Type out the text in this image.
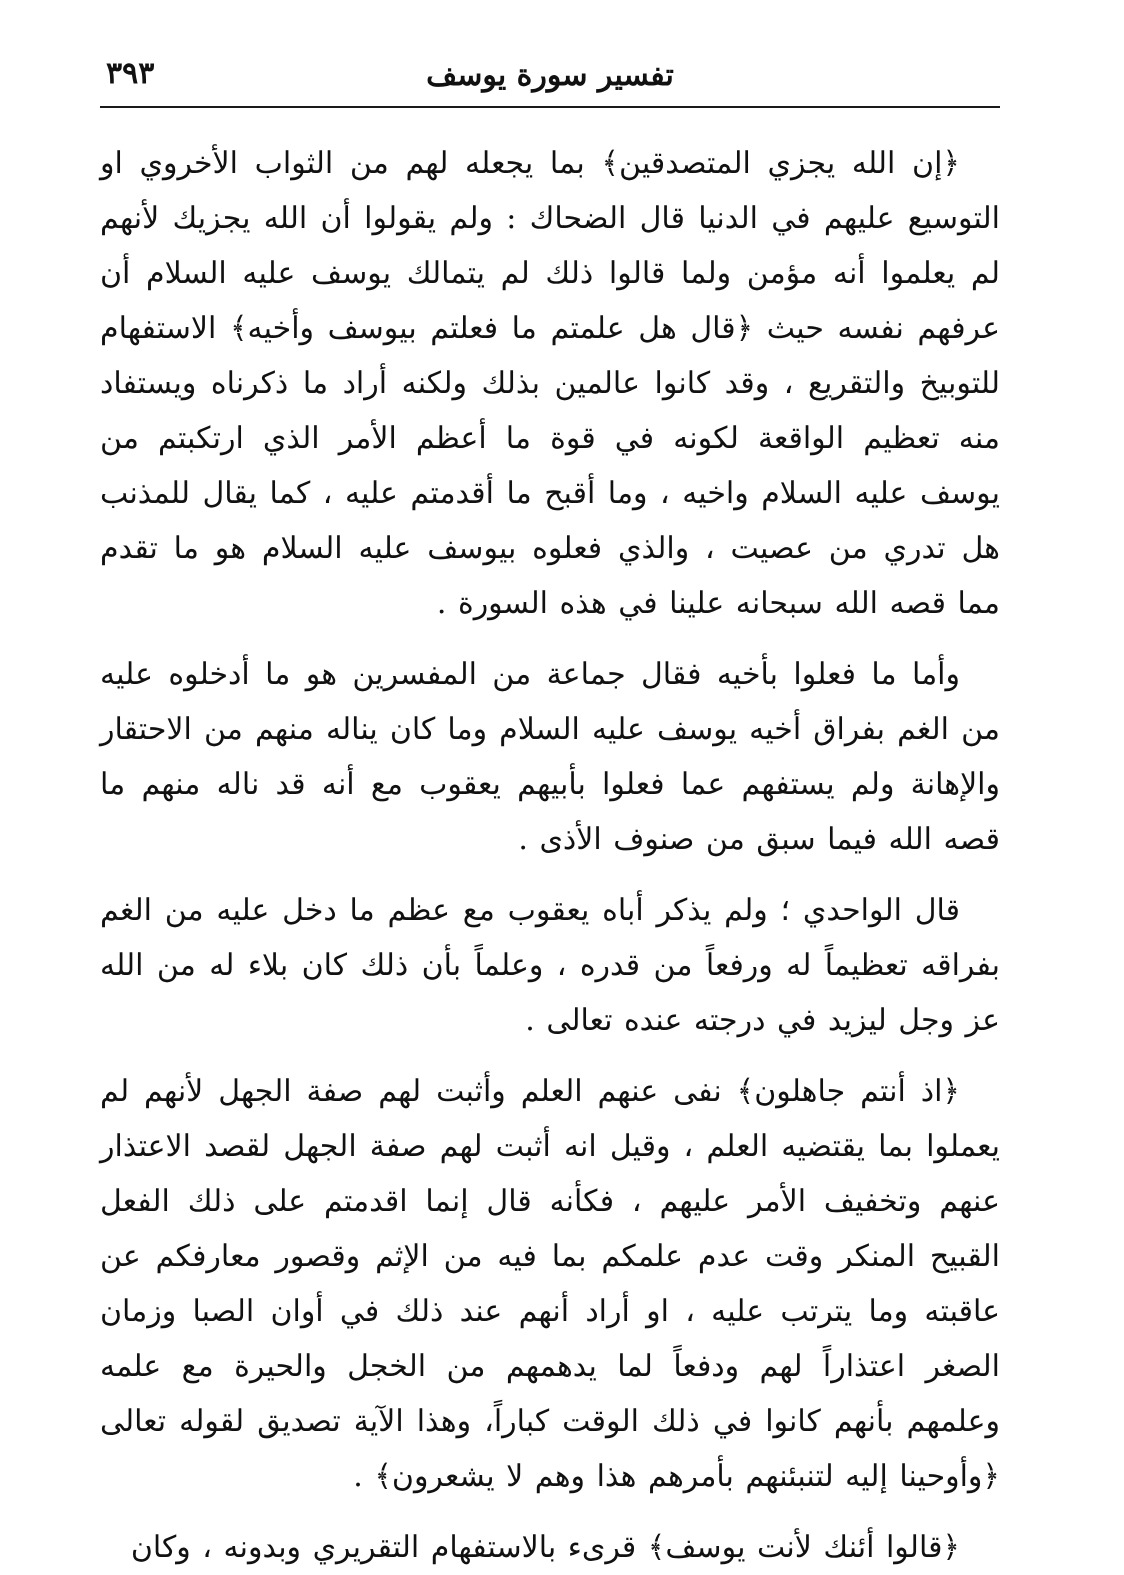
تفسير سورة يوسف
٣٩٣

﴿إن الله يجزي المتصدقين﴾ بما يجعله لهم من الثواب الأخروي او التوسيع عليهم في الدنيا قال الضحاك : ولم يقولوا أن الله يجزيك لأنهم لم يعلموا أنه مؤمن ولما قالوا ذلك لم يتمالك يوسف عليه السلام أن عرفهم نفسه حيث ﴿قال هل علمتم ما فعلتم بيوسف وأخيه﴾ الاستفهام للتوبيخ والتقريع ، وقد كانوا عالمين بذلك ولكنه أراد ما ذكرناه ويستفاد منه تعظيم الواقعة لكونه في قوة ما أعظم الأمر الذي ارتكبتم من يوسف عليه السلام واخيه ، وما أقبح ما أقدمتم عليه ، كما يقال للمذنب هل تدري من عصيت ، والذي فعلوه بيوسف عليه السلام هو ما تقدم مما قصه الله سبحانه علينا في هذه السورة .

وأما ما فعلوا بأخيه فقال جماعة من المفسرين هو ما أدخلوه عليه من الغم بفراق أخيه يوسف عليه السلام وما كان يناله منهم من الاحتقار والإهانة ولم يستفهم عما فعلوا بأبيهم يعقوب مع أنه قد ناله منهم ما قصه الله فيما سبق من صنوف الأذى .

قال الواحدي ؛ ولم يذكر أباه يعقوب مع عظم ما دخل عليه من الغم بفراقه تعظيماً له ورفعاً من قدره ، وعلماً بأن ذلك كان بلاء له من الله عز وجل ليزيد في درجته عنده تعالى .

﴿اذ أنتم جاهلون﴾ نفى عنهم العلم وأثبت لهم صفة الجهل لأنهم لم يعملوا بما يقتضيه العلم ، وقيل انه أثبت لهم صفة الجهل لقصد الاعتذار عنهم وتخفيف الأمر عليهم ، فكأنه قال إنما اقدمتم على ذلك الفعل القبيح المنكر وقت عدم علمكم بما فيه من الإثم وقصور معارفكم عن عاقبته وما يترتب عليه ، او أراد أنهم عند ذلك في أوان الصبا وزمان الصغر اعتذاراً لهم ودفعاً لما يدهمهم من الخجل والحيرة مع علمه وعلمهم بأنهم كانوا في ذلك الوقت كباراً، وهذا الآية تصديق لقوله تعالى ﴿وأوحينا إليه لتنبئنهم بأمرهم هذا وهم لا يشعرون﴾ .

﴿قالوا أئنك لأنت يوسف﴾ قرىء بالاستفهام التقريري وبدونه ، وكان
